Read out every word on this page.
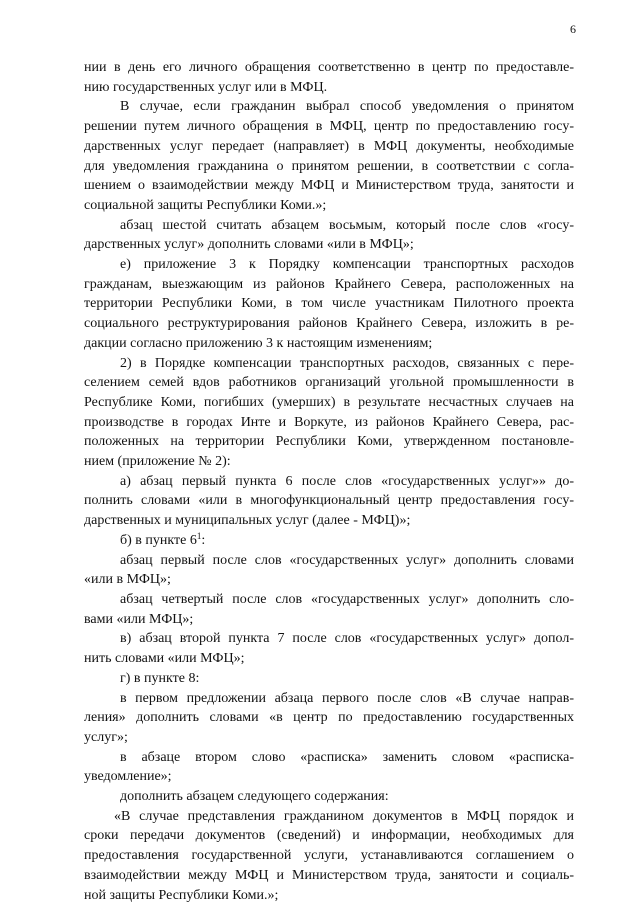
6
нии в день его личного обращения соответственно в центр по предоставле-
нию государственных услуг или в МФЦ.
В случае, если гражданин выбрал способ уведомления о принятом
решении путем личного обращения в МФЦ, центр по предоставлению госу-
дарственных услуг передает (направляет) в МФЦ документы, необходимые
для уведомления гражданина о принятом решении, в соответствии с согла-
шением о взаимодействии между МФЦ и Министерством труда, занятости и
социальной защиты Республики Коми.»;
абзац шестой считать абзацем восьмым, который после слов «госу-
дарственных услуг» дополнить словами «или в МФЦ»;
е) приложение 3 к Порядку компенсации транспортных расходов
гражданам, выезжающим из районов Крайнего Севера, расположенных на
территории Республики Коми, в том числе участникам Пилотного проекта
социального реструктурирования районов Крайнего Севера, изложить в ре-
дакции согласно приложению 3 к настоящим изменениям;
2) в Порядке компенсации транспортных расходов, связанных с пере-
селением семей вдов работников организаций угольной промышленности в
Республике Коми, погибших (умерших) в результате несчастных случаев на
производстве в городах Инте и Воркуте, из районов Крайнего Севера, рас-
положенных на территории Республики Коми, утвержденном постановле-
нием (приложение № 2):
а) абзац первый пункта 6 после слов «государственных услуг»» до-
полнить словами «или в многофункциональный центр предоставления госу-
дарственных и муниципальных услуг (далее - МФЦ)»;
б) в пункте $6^1$:
абзац первый после слов «государственных услуг» дополнить словами
«или в МФЦ»;
абзац четвертый после слов «государственных услуг» дополнить сло-
вами «или МФЦ»;
в) абзац второй пункта 7 после слов «государственных услуг» допол-
нить словами «или МФЦ»;
г) в пункте 8:
в первом предложении абзаца первого после слов «В случае направ-
ления» дополнить словами «в центр по предоставлению государственных
услуг»;
в абзаце втором слово «расписка» заменить словом «расписка-
уведомление»;
дополнить абзацем следующего содержания:
«В случае представления гражданином документов в МФЦ порядок и
сроки передачи документов (сведений) и информации, необходимых для
предоставления государственной услуги, устанавливаются соглашением о
взаимодействии между МФЦ и Министерством труда, занятости и социаль-
ной защиты Республики Коми.»;
